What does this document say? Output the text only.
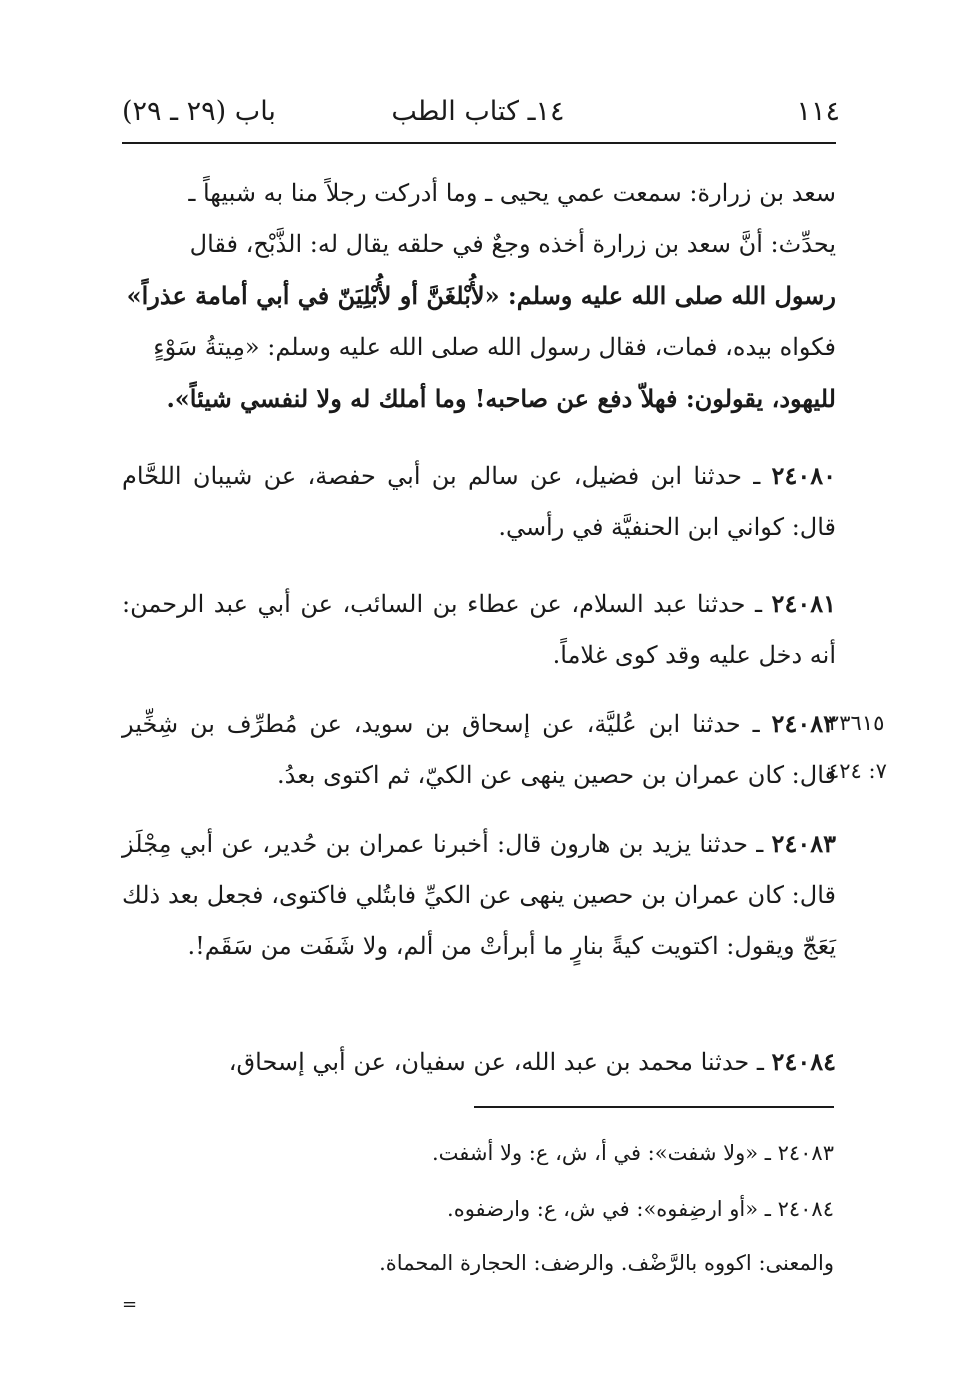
١١٤
١٤ـ كتاب الطب
باب (٢٩ ـ ٢٩)
سعد بن زرارة: سمعت عمي يحيى ـ وما أدركت رجلاً منا به شبيهاً ـ
يحدِّث: أنَّ سعد بن زرارة أخذه وجعٌ في حلقه يقال له: الذَّبْح، فقال
رسول الله صلى الله عليه وسلم: «لأُبْلغَنَّ أو لأُبْلِيَنّ في أبي أمامة عذراً»
فكواه بيده، فمات، فقال رسول الله صلى الله عليه وسلم: «مِيتةُ سَوْءٍ
لليهود، يقولون: فهلاّ دفع عن صاحبه! وما أملك له ولا لنفسي شيئاً».
٢٤٠٨٠ ـ حدثنا ابن فضيل، عن سالم بن أبي حفصة، عن شيبان اللحَّام قال: كواني ابن الحنفيَّة في رأسي.
٢٤٠٨١ ـ حدثنا عبد السلام، عن عطاء بن السائب، عن أبي عبد الرحمن: أنه دخل عليه وقد كوى غلاماً.
٢٤٠٨٢ ـ حدثنا ابن عُليَّة، عن إسحاق بن سويد، عن مُطرِّف بن شِخِّير قال: كان عمران بن حصين ينهى عن الكيّ، ثم اكتوى بعدُ.
٢٣٦١٥
٧: ٤٢٤
٢٤٠٨٣ ـ حدثنا يزيد بن هارون قال: أخبرنا عمران بن حُدير، عن أبي مِجْلَز قال: كان عمران بن حصين ينهى عن الكيِّ فابتُلي فاكتوى، فجعل بعد ذلك يَعَجّ ويقول: اكتويت كيةً بنارٍ ما أبرأتْ من ألم، ولا شَفَت من سَقَم!.
٢٤٠٨٤ ـ حدثنا محمد بن عبد الله، عن سفيان، عن أبي إسحاق،
٢٤٠٨٣ ـ «ولا شفت»: في أ، ش، ع: ولا أشفت.
٢٤٠٨٤ ـ «أو ارضِفوه»: في ش، ع: وارضفوه.
والمعنى: اكووه بالرَّضْف. والرضف: الحجارة المحماة.
=
